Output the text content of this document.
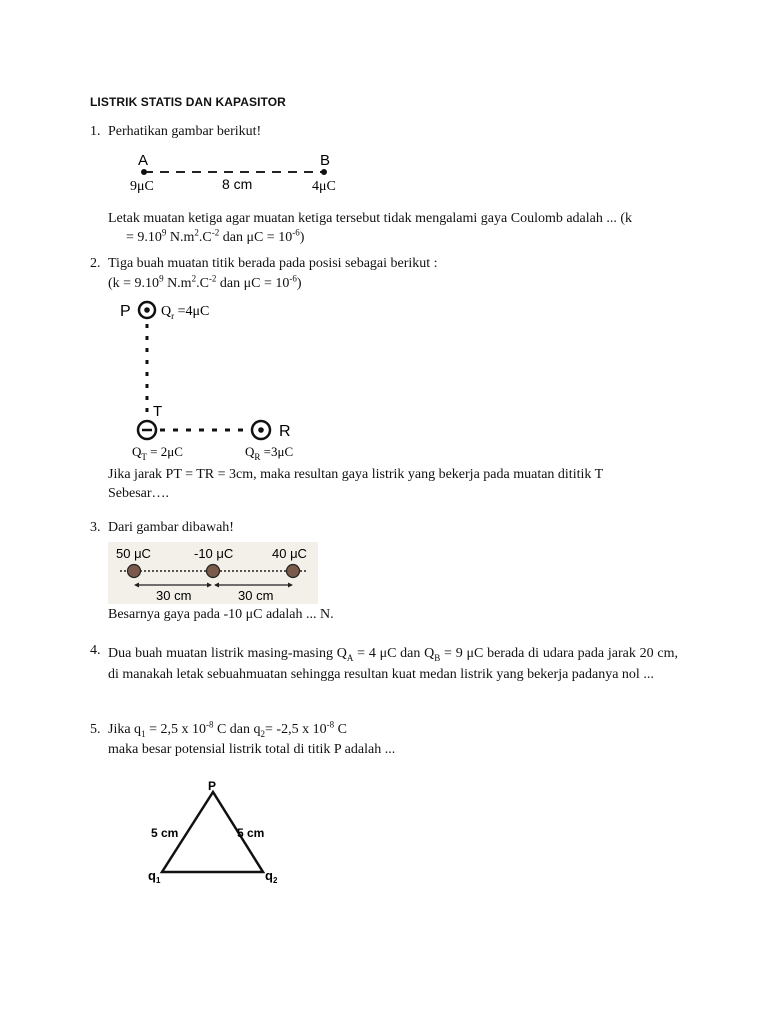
LISTRIK STATIS DAN KAPASITOR
1. Perhatikan gambar berikut!
A	B
9μC	8 cm	4μC
Letak muatan ketiga agar muatan ketiga tersebut tidak mengalami gaya Coulomb adalah ... (k
= $9.10^9$ $N.m^2.C^{-2}$ dan $\mu C = 10^{-6}$)
2. Tiga buah muatan titik berada pada posisi sebagai berikut :
($k = 9.10^9$ $N.m^2.C^{-2}$ dan $\mu C = 10^{-6}$)
P $Q_r =4\mu C$
T
R
$Q_T = 2\mu C$	$Q_R =3\mu C$
Jika jarak PT = TR = 3cm, maka resultan gaya listrik yang bekerja pada muatan dititik T
Sebesar….
3. Dari gambar dibawah!
50 μC	-10 μC	40 μC
30 cm	30 cm
Besarnya gaya pada -10 μC adalah ... N.
4. Dua buah muatan listrik masing-masing $Q_A = 4$ μC dan $Q_B = 9$ μC berada di udara pada jarak 20 cm, di manakah letak sebuahmuatan sehingga resultan kuat medan listrik yang bekerja padanya nol ...
5. Jika $q_1 = 2,5$ x $10^{-8}$ C dan $q_2= -2,5$ x $10^{-8}$ C
maka besar potensial listrik total di titik P adalah ...
P
5 cm	5 cm
$q_1$	$q_2$
